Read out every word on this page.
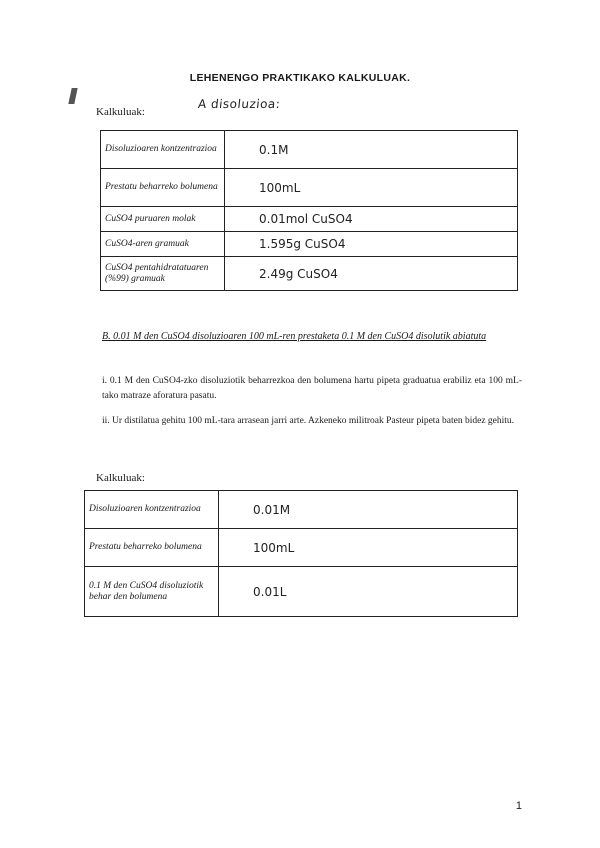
LEHENENGO PRAKTIKAKO KALKULUAK.
Kalkuluak:
A disoluzioa:
Disoluzioaren kontzentrazioa	0.1M
Prestatu beharreko bolumena	100mL
CuSO4 puruaren molak	0.01mol CuSO4
CuSO4-aren gramuak	1.595g CuSO4
CuSO4 pentahidratatuaren (%99) gramuak	2.49g CuSO4
B. 0.01 M den CuSO4 disoluzioaren 100 mL-ren prestaketa 0.1 M den CuSO4 disolutik abiatuta
i. 0.1 M den CuSO4-zko disoluziotik beharrezkoa den bolumena hartu pipeta graduatua erabiliz eta 100 mL-tako matraze aforatura pasatu.
ii. Ur distilatua gehitu 100 mL-tara arrasean jarri arte. Azkeneko militroak Pasteur pipeta baten bidez gehitu.
Kalkuluak:
Disoluzioaren kontzentrazioa	0.01M
Prestatu beharreko bolumena	100mL
0.1 M den CuSO4 disoluziotik behar den bolumena	0.01L
1
